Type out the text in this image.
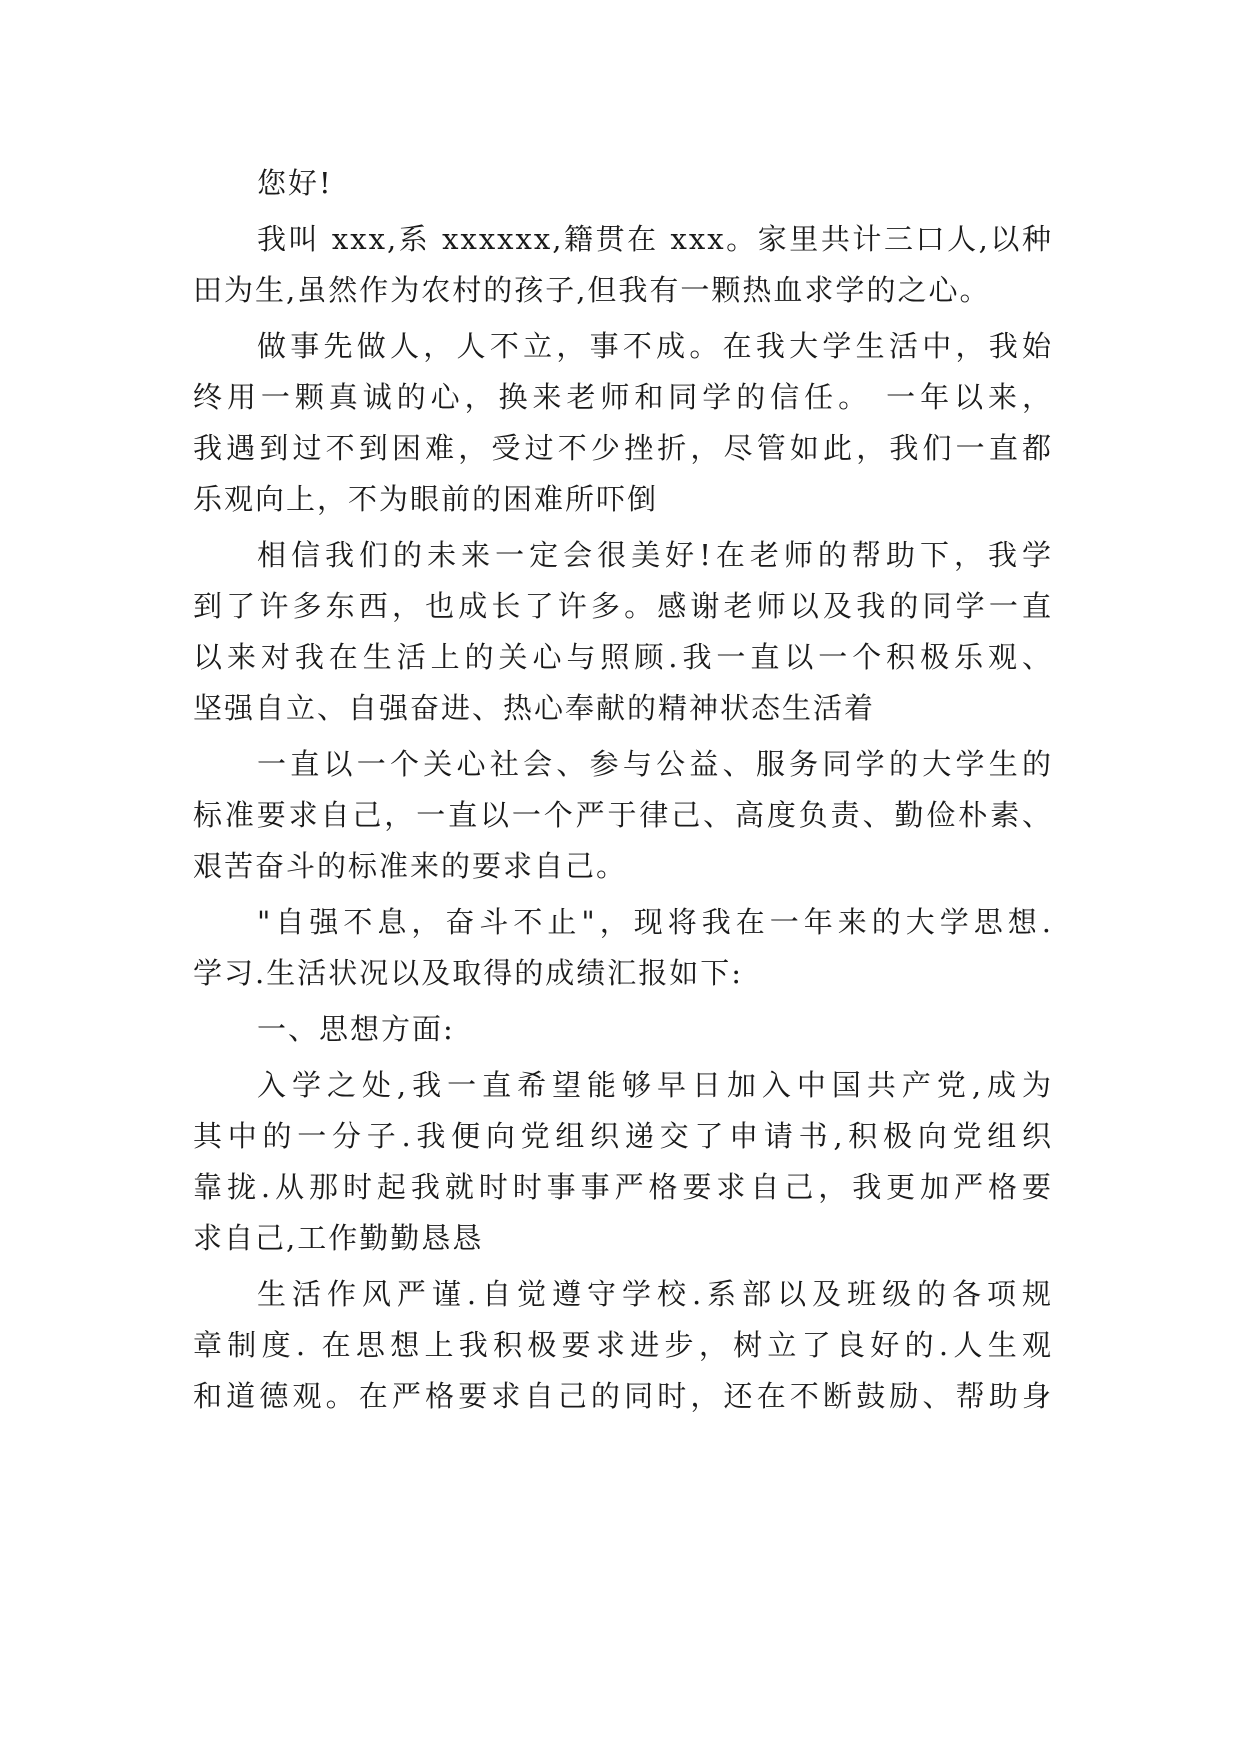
您好!

我叫 xxx,系 xxxxxx,籍贯在 xxx。家里共计三口人,以种
田为生,虽然作为农村的孩子,但我有一颗热血求学的之心。

做事先做人，人不立，事不成。在我大学生活中，我始
终用一颗真诚的心，换来老师和同学的信任。 一年以来，
我遇到过不到困难，受过不少挫折，尽管如此，我们一直都
乐观向上，不为眼前的困难所吓倒

相信我们的未来一定会很美好!在老师的帮助下，我学
到了许多东西，也成长了许多。感谢老师以及我的同学一直
以来对我在生活上的关心与照顾.我一直以一个积极乐观、
坚强自立、自强奋进、热心奉献的精神状态生活着

一直以一个关心社会、参与公益、服务同学的大学生的
标准要求自己，一直以一个严于律己、高度负责、勤俭朴素、
艰苦奋斗的标准来的要求自己。

"自强不息，奋斗不止"，现将我在一年来的大学思想.
学习.生活状况以及取得的成绩汇报如下:

一、思想方面:

入学之处,我一直希望能够早日加入中国共产党,成为
其中的一分子.我便向党组织递交了申请书,积极向党组织
靠拢.从那时起我就时时事事严格要求自己，我更加严格要
求自己,工作勤勤恳恳

生活作风严谨.自觉遵守学校.系部以及班级的各项规
章制度. 在思想上我积极要求进步，树立了良好的.人生观
和道德观。在严格要求自己的同时，还在不断鼓励、帮助身
